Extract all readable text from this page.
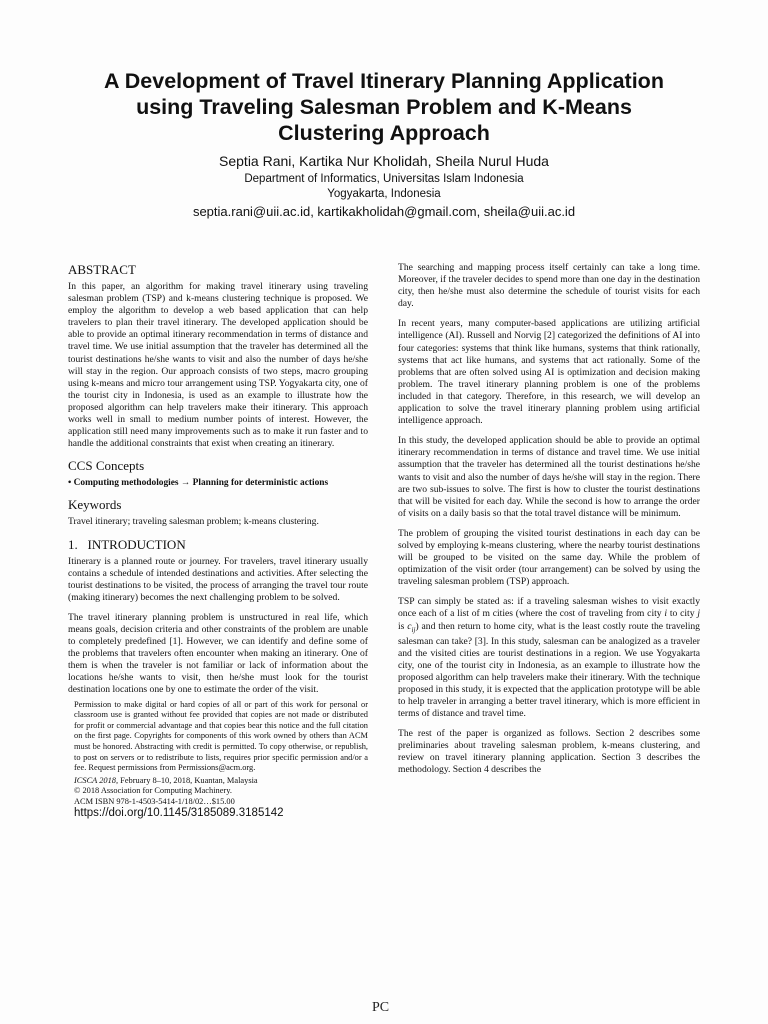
A Development of Travel Itinerary Planning Application
using Traveling Salesman Problem and K-Means
Clustering Approach
Septia Rani, Kartika Nur Kholidah, Sheila Nurul Huda
Department of Informatics, Universitas Islam Indonesia
Yogyakarta, Indonesia
septia.rani@uii.ac.id, kartikakholidah@gmail.com, sheila@uii.ac.id
ABSTRACT

In this paper, an algorithm for making travel itinerary using traveling salesman problem (TSP) and k-means clustering technique is proposed. We employ the algorithm to develop a web based application that can help travelers to plan their travel itinerary. The developed application should be able to provide an optimal itinerary recommendation in terms of distance and travel time. We use initial assumption that the traveler has determined all the tourist destinations he/she wants to visit and also the number of days he/she will stay in the region. Our approach consists of two steps, macro grouping using k-means and micro tour arrangement using TSP. Yogyakarta city, one of the tourist city in Indonesia, is used as an example to illustrate how the proposed algorithm can help travelers make their itinerary. This approach works well in small to medium number points of interest. However, the application still need many improvements such as to make it run faster and to handle the additional constraints that exist when creating an itinerary.

CCS Concepts

• Computing methodologies → Planning for deterministic actions

Keywords

Travel itinerary; traveling salesman problem; k-means clustering.

1.   INTRODUCTION

Itinerary is a planned route or journey. For travelers, travel itinerary usually contains a schedule of intended destinations and activities. After selecting the tourist destinations to be visited, the process of arranging the travel tour route (making itinerary) becomes the next challenging problem to be solved.

The travel itinerary planning problem is unstructured in real life, which means goals, decision criteria and other constraints of the problem are unable to completely predefined [1]. However, we can identify and define some of the problems that travelers often encounter when making an itinerary. One of them is when the traveler is not familiar or lack of information about the locations he/she wants to visit, then he/she must look for the tourist destination locations one by one to estimate the order of the visit.

Permission to make digital or hard copies of all or part of this work for personal or classroom use is granted without fee provided that copies are not made or distributed for profit or commercial advantage and that copies bear this notice and the full citation on the first page. Copyrights for components of this work owned by others than ACM must be honored. Abstracting with credit is permitted. To copy otherwise, or republish, to post on servers or to redistribute to lists, requires prior specific permission and/or a fee. Request permissions from Permissions@acm.org.
ICSCA 2018, February 8–10, 2018, Kuantan, Malaysia
© 2018 Association for Computing Machinery.
ACM ISBN 978-1-4503-5414-1/18/02…$15.00
https://doi.org/10.1145/3185089.3185142

The searching and mapping process itself certainly can take a long time. Moreover, if the traveler decides to spend more than one day in the destination city, then he/she must also determine the schedule of tourist visits for each day.

In recent years, many computer-based applications are utilizing artificial intelligence (AI). Russell and Norvig [2] categorized the definitions of AI into four categories: systems that think like humans, systems that think rationally, systems that act like humans, and systems that act rationally. Some of the problems that are often solved using AI is optimization and decision making problem. The travel itinerary planning problem is one of the problems included in that category. Therefore, in this research, we will develop an application to solve the travel itinerary planning problem using artificial intelligence approach.

In this study, the developed application should be able to provide an optimal itinerary recommendation in terms of distance and travel time. We use initial assumption that the traveler has determined all the tourist destinations he/she wants to visit and also the number of days he/she will stay in the region. There are two sub-issues to solve. The first is how to cluster the tourist destinations that will be visited for each day. While the second is how to arrange the order of visits on a daily basis so that the total travel distance will be minimum.

The problem of grouping the visited tourist destinations in each day can be solved by employing k-means clustering, where the nearby tourist destinations will be grouped to be visited on the same day. While the problem of optimization of the visit order (tour arrangement) can be solved by using the traveling salesman problem (TSP) approach.

TSP can simply be stated as: if a traveling salesman wishes to visit exactly once each of a list of m cities (where the cost of traveling from city i to city j is $c_{ij}$) and then return to home city, what is the least costly route the traveling salesman can take? [3]. In this study, salesman can be analogized as a traveler and the visited cities are tourist destinations in a region. We use Yogyakarta city, one of the tourist city in Indonesia, as an example to illustrate how the proposed algorithm can help travelers make their itinerary. With the technique proposed in this study, it is expected that the application prototype will be able to help traveler in arranging a better travel itinerary, which is more efficient in terms of distance and travel time.

The rest of the paper is organized as follows. Section 2 describes some preliminaries about traveling salesman problem, k-means clustering, and review on travel itinerary planning application. Section 3 describes the methodology. Section 4 describes the

PC
